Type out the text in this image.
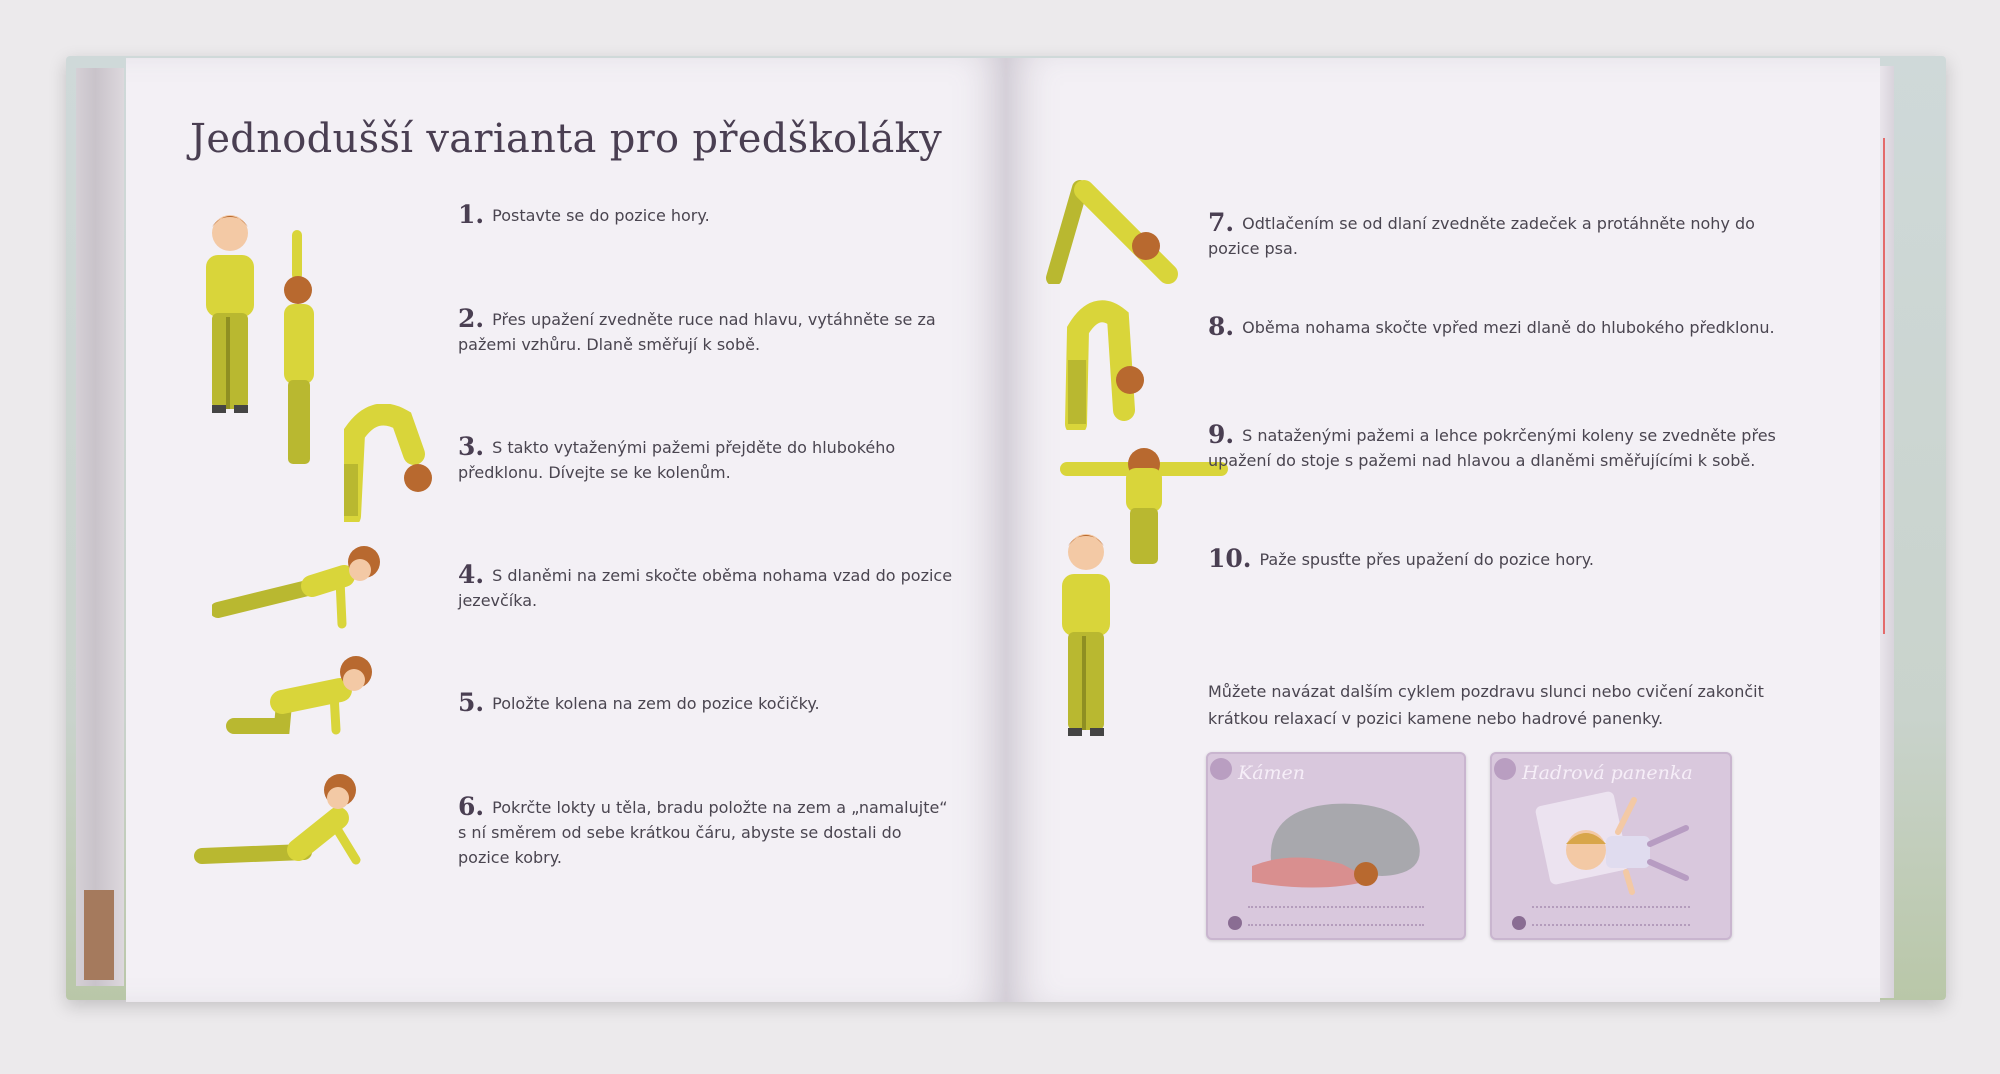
Jednodušší varianta pro předškoláky
1. Postavte se do pozice hory.
2. Přes upažení zvedněte ruce nad hlavu, vytáhněte se za pažemi vzhůru. Dlaně směřují k sobě.
3. S takto vytaženými pažemi přejděte do hlubokého předklonu. Dívejte se ke kolenům.
4. S dlaněmi na zemi skočte oběma nohama vzad do pozice jezevčíka.
5. Položte kolena na zem do pozice kočičky.
6. Pokrčte lokty u těla, bradu položte na zem a „namalujte“ s ní směrem od sebe krátkou čáru, abyste se dostali do pozice kobry.
7. Odtlačením se od dlaní zvedněte zadeček a protáhněte nohy do pozice psa.
8. Oběma nohama skočte vpřed mezi dlaně do hlubokého předklonu.
9. S nataženými pažemi a lehce pokrčenými koleny se zvedněte přes upažení do stoje s pažemi nad hlavou a dlaněmi směřujícími k sobě.
10. Paže spusťte přes upažení do pozice hory.
Můžete navázat dalším cyklem pozdravu slunci nebo cvičení zakončit krátkou relaxací v pozici kamene nebo hadrové panenky.
Kámen	Hadrová panenka
